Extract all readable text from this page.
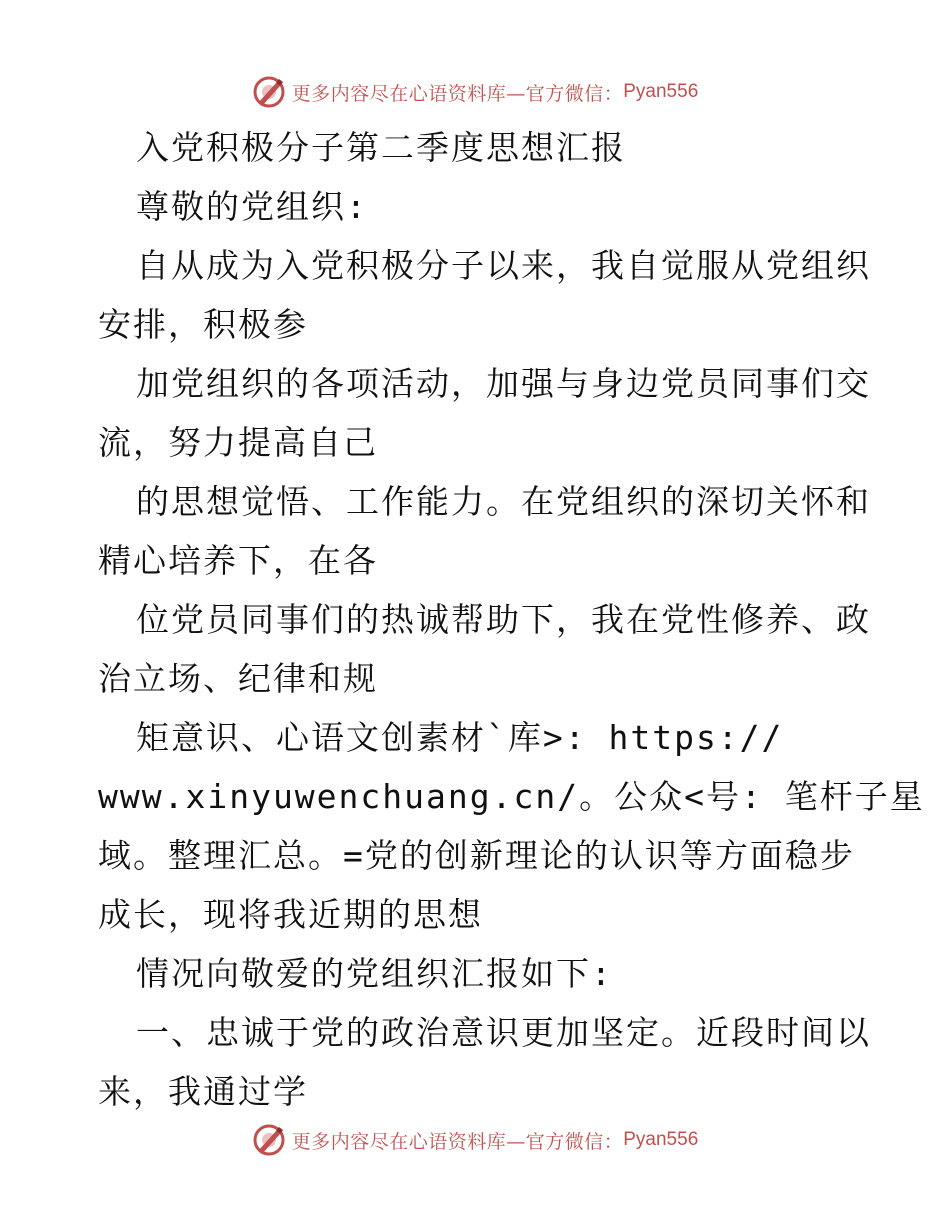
更多内容尽在心语资料库—官方微信： Pyan556
入党积极分子第二季度思想汇报
尊敬的党组织:
自从成为入党积极分子以来，我自觉服从党组织
安排，积极参
加党组织的各项活动，加强与身边党员同事们交
流，努力提高自己
的思想觉悟、工作能力。在党组织的深切关怀和
精心培养下，在各
位党员同事们的热诚帮助下，我在党性修养、政
治立场、纪律和规
矩意识、心语文创素材`库>: https://
www.xinyuwenchuang.cn/。公众<号: 笔杆子星
域。整理汇总。=党的创新理论的认识等方面稳步
成长，现将我近期的思想
情况向敬爱的党组织汇报如下:
一、忠诚于党的政治意识更加坚定。近段时间以
来，我通过学
更多内容尽在心语资料库—官方微信： Pyan556
